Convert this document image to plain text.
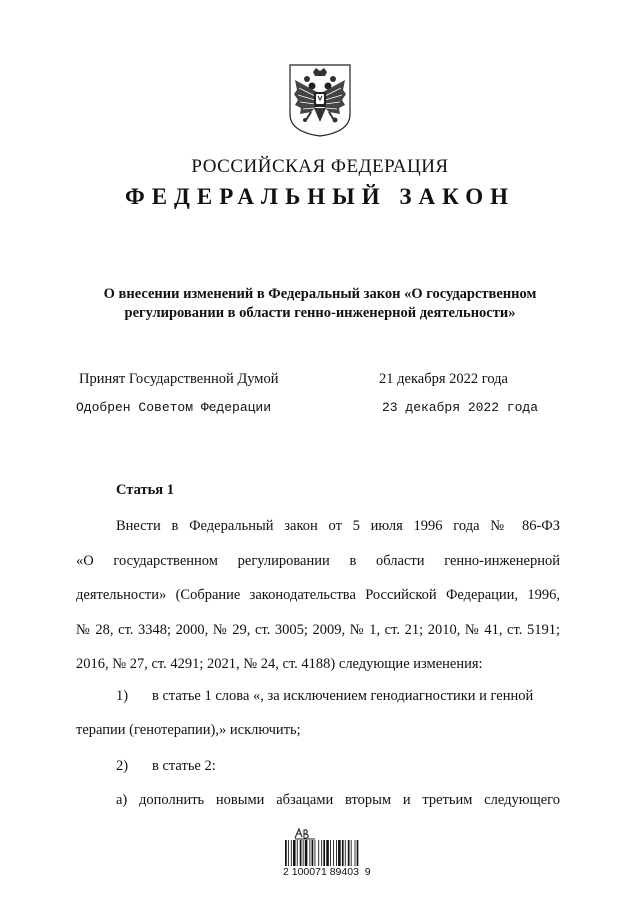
РОССИЙСКАЯ ФЕДЕРАЦИЯ
ФЕДЕРАЛЬНЫЙ ЗАКОН
О внесении изменений в Федеральный закон «О государственном
регулировании в области генно-инженерной деятельности»
Принят Государственной Думой	21 декабря 2022 года
Одобрен Советом Федерации	23 декабря 2022 года
Статья 1
Внести в Федеральный закон от 5 июля 1996 года № 86-ФЗ
«О государственном регулировании в области генно-инженерной
деятельности» (Собрание законодательства Российской Федерации, 1996,
№ 28, ст. 3348; 2000, № 29, ст. 3005; 2009, № 1, ст. 21; 2010, № 41, ст. 5191;
2016, № 27, ст. 4291; 2021, № 24, ст. 4188) следующие изменения:
1) в статье 1 слова «, за исключением генодиагностики и генной
терапии (генотерапии),» исключить;
2) в статье 2:
а) дополнить новыми абзацами вторым и третьим следующего
2 100071 89403  9
